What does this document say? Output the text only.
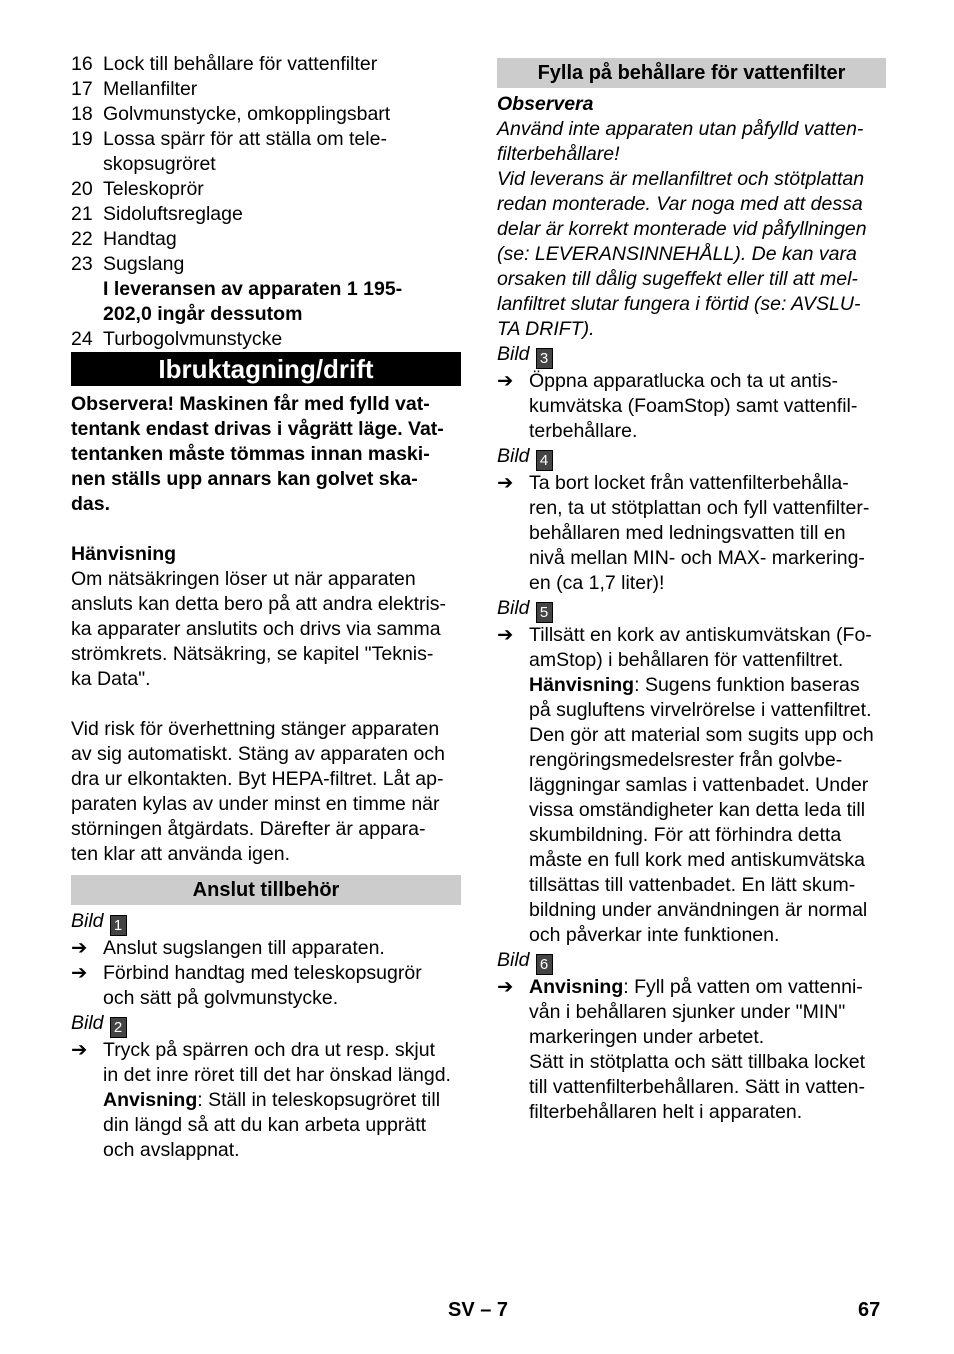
16 Lock till behållare för vattenfilter
17 Mellanfilter
18 Golvmunstycke, omkopplingsbart
19 Lossa spärr för att ställa om tele-
skopsugröret
20 Teleskoprör
21 Sidoluftsreglage
22 Handtag
23 Sugslang
I leveransen av apparaten 1 195-
202,0 ingår dessutom
24 Turbogolvmunstycke
Ibruktagning/drift

Observera! Maskinen får med fylld vat-

tentank endast drivas i vågrätt läge. Vat-

tentanken måste tömmas innan maski-

nen ställs upp annars kan golvet ska-

das.

Hänvisning

Om nätsäkringen löser ut när apparaten

ansluts kan detta bero på att andra elektris-

ka apparater anslutits och drivs via samma

strömkrets. Nätsäkring, se kapitel "Teknis-

ka Data".

Vid risk för överhettning stänger apparaten

av sig automatiskt. Stäng av apparaten och

dra ur elkontakten. Byt HEPA-filtret. Låt ap-

paraten kylas av under minst en timme när

störningen åtgärdats. Därefter är appara-

ten klar att använda igen.

Anslut tillbehör

Bild 1

➔ Anslut sugslangen till apparaten.

➔ Förbind handtag med teleskopsugrör

och sätt på golvmunstycke.

Bild 2

➔ Tryck på spärren och dra ut resp. skjut

in det inre röret till det har önskad längd.

Anvisning: Ställ in teleskopsugröret till

din längd så att du kan arbeta upprätt

och avslappnat.

Fylla på behållare för vattenfilter

Observera

Använd inte apparaten utan påfylld vatten-

filterbehållare!

Vid leverans är mellanfiltret och stötplattan

redan monterade. Var noga med att dessa

delar är korrekt monterade vid påfyllningen

(se: LEVERANSINNEHÅLL). De kan vara

orsaken till dålig sugeffekt eller till att mel-

lanfiltret slutar fungera i förtid (se: AVSLU-

TA DRIFT).

Bild 3

➔ Öppna apparatlucka och ta ut antis-

kumvätska (FoamStop) samt vattenfil-

terbehållare.

Bild 4

➔ Ta bort locket från vattenfilterbehålla-

ren, ta ut stötplattan och fyll vattenfilter-

behållaren med ledningsvatten till en

nivå mellan MIN- och MAX- markering-

en (ca 1,7 liter)!

Bild 5

➔ Tillsätt en kork av antiskumvätskan (Fo-

amStop) i behållaren för vattenfiltret.

Hänvisning: Sugens funktion baseras

på sugluftens virvelrörelse i vattenfiltret.

Den gör att material som sugits upp och

rengöringsmedelsrester från golvbe-

läggningar samlas i vattenbadet. Under

vissa omständigheter kan detta leda till

skumbildning. För att förhindra detta

måste en full kork med antiskumvätska

tillsättas till vattenbadet. En lätt skum-

bildning under användningen är normal

och påverkar inte funktionen.

Bild 6

➔ Anvisning: Fyll på vatten om vattenni-

vån i behållaren sjunker under "MIN"

markeringen under arbetet.

Sätt in stötplatta och sätt tillbaka locket

till vattenfilterbehållaren. Sätt in vatten-

filterbehållaren helt i apparaten.

SV – 7	67
